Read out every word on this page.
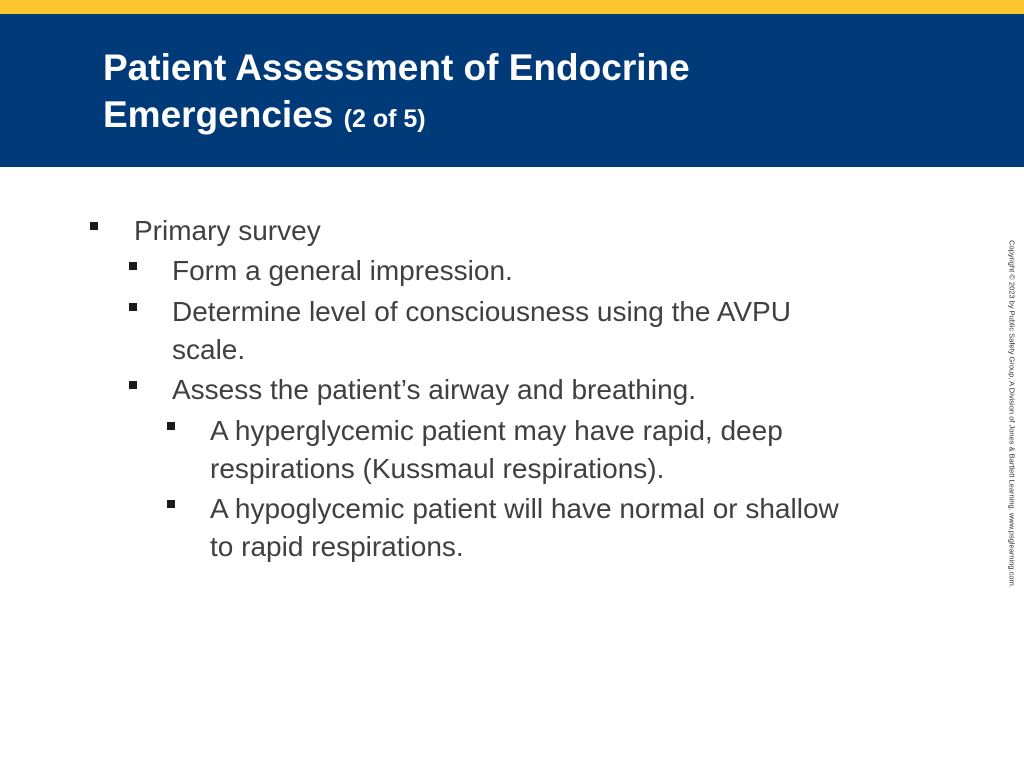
Patient Assessment of Endocrine
Emergencies (2 of 5)
Primary survey
Form a general impression.
Determine level of consciousness using the AVPU
scale.
Assess the patient’s airway and breathing.
A hyperglycemic patient may have rapid, deep
respirations (Kussmaul respirations).
A hypoglycemic patient will have normal or shallow
to rapid respirations.	Copyright © 2023 by Public Safety Group, A Division of Jones & Bartlett Learning. www.psglearning.com.
